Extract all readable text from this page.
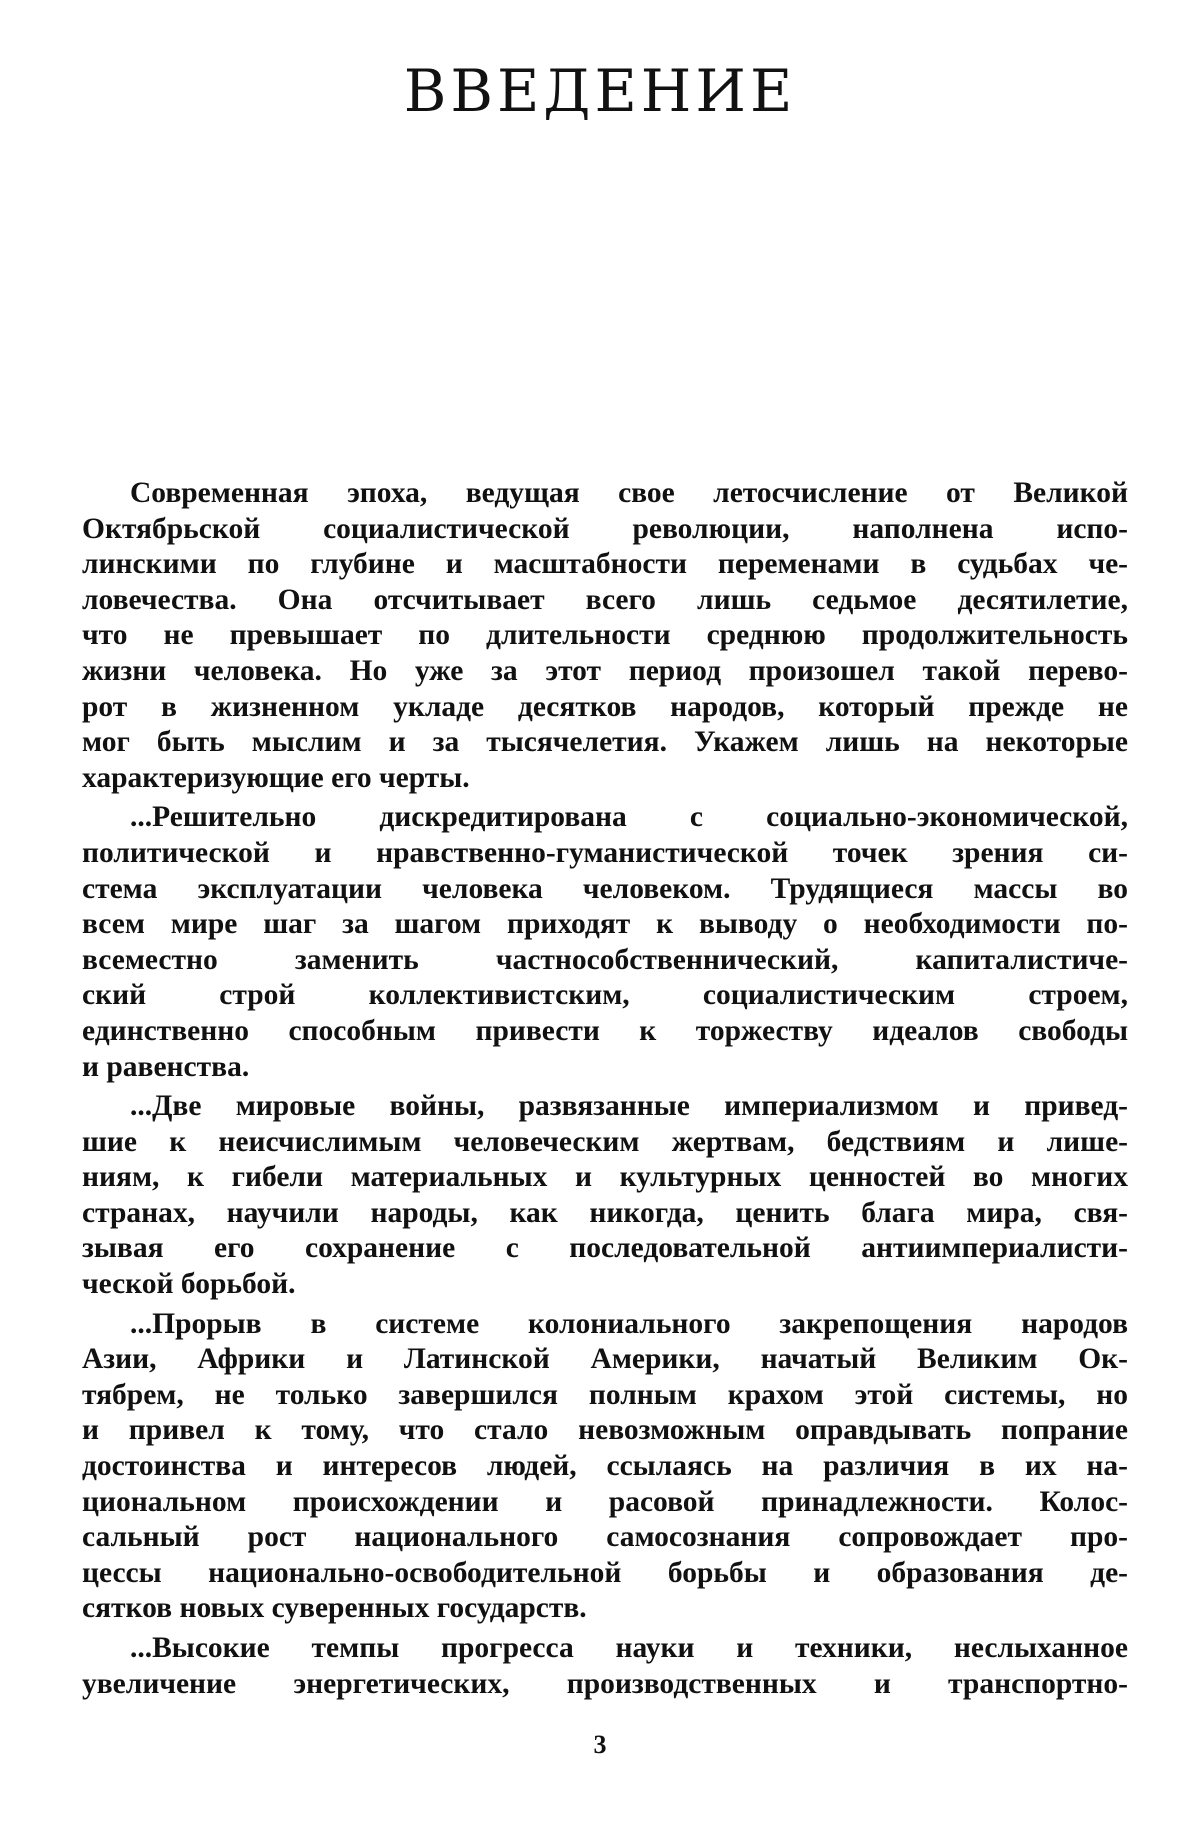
ВВЕДЕНИЕ

Современная эпоха, ведущая свое летосчисление от Великой
Октябрьской социалистической революции, наполнена испо-
линскими по глубине и масштабности переменами в судьбах че-
ловечества. Она отсчитывает всего лишь седьмое десятилетие,
что не превышает по длительности среднюю продолжительность
жизни человека. Но уже за этот период произошел такой перево-
рот в жизненном укладе десятков народов, который прежде не
мог быть мыслим и за тысячелетия. Укажем лишь на некоторые
характеризующие его черты.

...Решительно дискредитирована с социально-экономической,
политической и нравственно-гуманистической точек зрения си-
стема эксплуатации человека человеком. Трудящиеся массы во
всем мире шаг за шагом приходят к выводу о необходимости по-
всеместно заменить частнособственнический, капиталистиче-
ский строй коллективистским, социалистическим строем,
единственно способным привести к торжеству идеалов свободы
и равенства.

...Две мировые войны, развязанные империализмом и привед-
шие к неисчислимым человеческим жертвам, бедствиям и лише-
ниям, к гибели материальных и культурных ценностей во многих
странах, научили народы, как никогда, ценить блага мира, свя-
зывая его сохранение с последовательной антиимпериалисти-
ческой борьбой.

...Прорыв в системе колониального закрепощения народов
Азии, Африки и Латинской Америки, начатый Великим Ок-
тябрем, не только завершился полным крахом этой системы, но
и привел к тому, что стало невозможным оправдывать попрание
достоинства и интересов людей, ссылаясь на различия в их на-
циональном происхождении и расовой принадлежности. Колос-
сальный рост национального самосознания сопровождает про-
цессы национально-освободительной борьбы и образования де-
сятков новых суверенных государств.

...Высокие темпы прогресса науки и техники, неслыханное
увеличение энергетических, производственных и транспортно-

3
